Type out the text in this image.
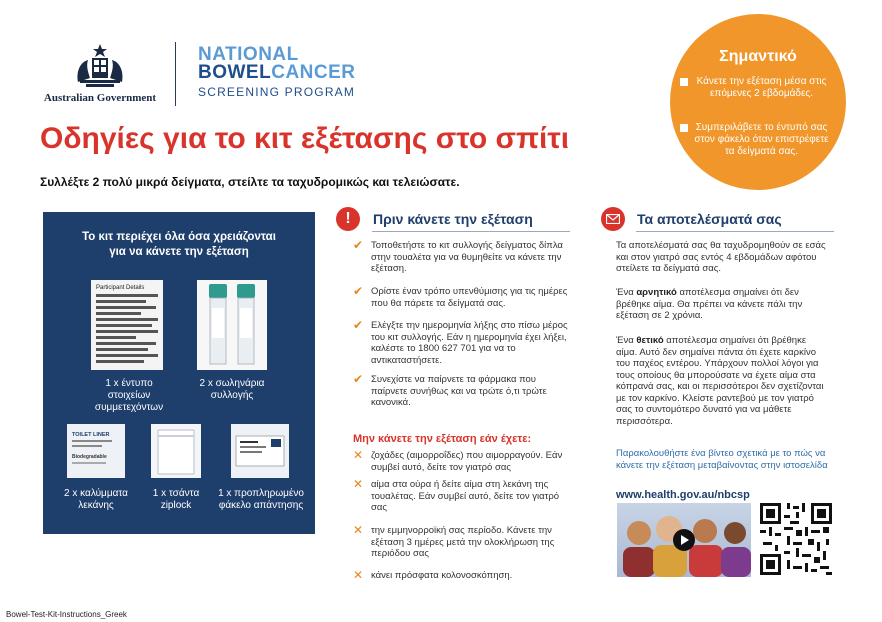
Australian Government
NATIONAL
BOWELCANCER
SCREENING PROGRAM
Οδηγίες για το κιτ εξέτασης στο σπίτι
Συλλέξτε 2 πολύ μικρά δείγματα, στείλτε τα ταχυδρομικώς και τελειώσατε.
Σημαντικό
Κάνετε την εξέταση μέσα στις επόμενες 2 εβδομάδες.
Συμπεριλάβετε το έντυπό σας στον φάκελο όταν επιστρέφετε τα δείγματά σας.
Το κιτ περιέχει όλα όσα χρειάζονται για να κάνετε την εξέταση
Participant Details
1 x έντυπο στοιχείων συμμετεχόντων
2 x σωληνάρια συλλογής
TOILET LINER
Biodegradable
2 x καλύμματα λεκάνης
1 x τσάντα ziplock
1 x προπληρωμένο φάκελο απάντησης
!	Πριν κάνετε την εξέταση
✔ Τοποθετήστε το κιτ συλλογής δείγματος δίπλα στην τουαλέτα για να θυμηθείτε να κάνετε την εξέταση.
✔ Ορίστε έναν τρόπο υπενθύμισης για τις ημέρες που θα πάρετε τα δείγματά σας.
✔ Ελέγξτε την ημερομηνία λήξης στο πίσω μέρος του κιτ συλλογής. Εάν η ημερομηνία έχει λήξει, καλέστε το 1800 627 701 για να το αντικαταστήσετε.
✔ Συνεχίστε να παίρνετε τα φάρμακα που παίρνετε συνήθως και να τρώτε ό,τι τρώτε κανονικά.
Μην κάνετε την εξέταση εάν έχετε:
✕ ζοχάδες (αιμορροΐδες) που αιμορραγούν. Εάν συμβεί αυτό, δείτε τον γιατρό σας
✕ αίμα στα ούρα ή δείτε αίμα στη λεκάνη της τουαλέτας. Εάν συμβεί αυτό, δείτε τον γιατρό σας
✕ την εμμηνορροϊκή σας περίοδο. Κάνετε την εξέταση 3 ημέρες μετά την ολοκλήρωση της περιόδου σας
✕ κάνει πρόσφατα κολονοσκόπηση.
Τα αποτελέσματά σας
Τα αποτελέσματά σας θα ταχυδρομηθούν σε εσάς και στον γιατρό σας εντός 4 εβδομάδων αφότου στείλετε τα δείγματά σας.
Ένα αρνητικό αποτέλεσμα σημαίνει ότι δεν βρέθηκε αίμα. Θα πρέπει να κάνετε πάλι την εξέταση σε 2 χρόνια.
Ένα θετικό αποτέλεσμα σημαίνει ότι βρέθηκε αίμα. Αυτό δεν σημαίνει πάντα ότι έχετε καρκίνο του παχέος εντέρου. Υπάρχουν πολλοί λόγοι για τους οποίους θα μπορούσατε να έχετε αίμα στα κόπρανά σας, και οι περισσότεροι δεν σχετίζονται με τον καρκίνο. Κλείστε ραντεβού με τον γιατρό σας το συντομότερο δυνατό για να μάθετε περισσότερα.
Παρακολουθήστε ένα βίντεο σχετικά με το πώς να κάνετε την εξέταση μεταβαίνοντας στην ιστοσελίδα
www.health.gov.au/nbcsp
Bowel-Test-Kit-Instructions_Greek
